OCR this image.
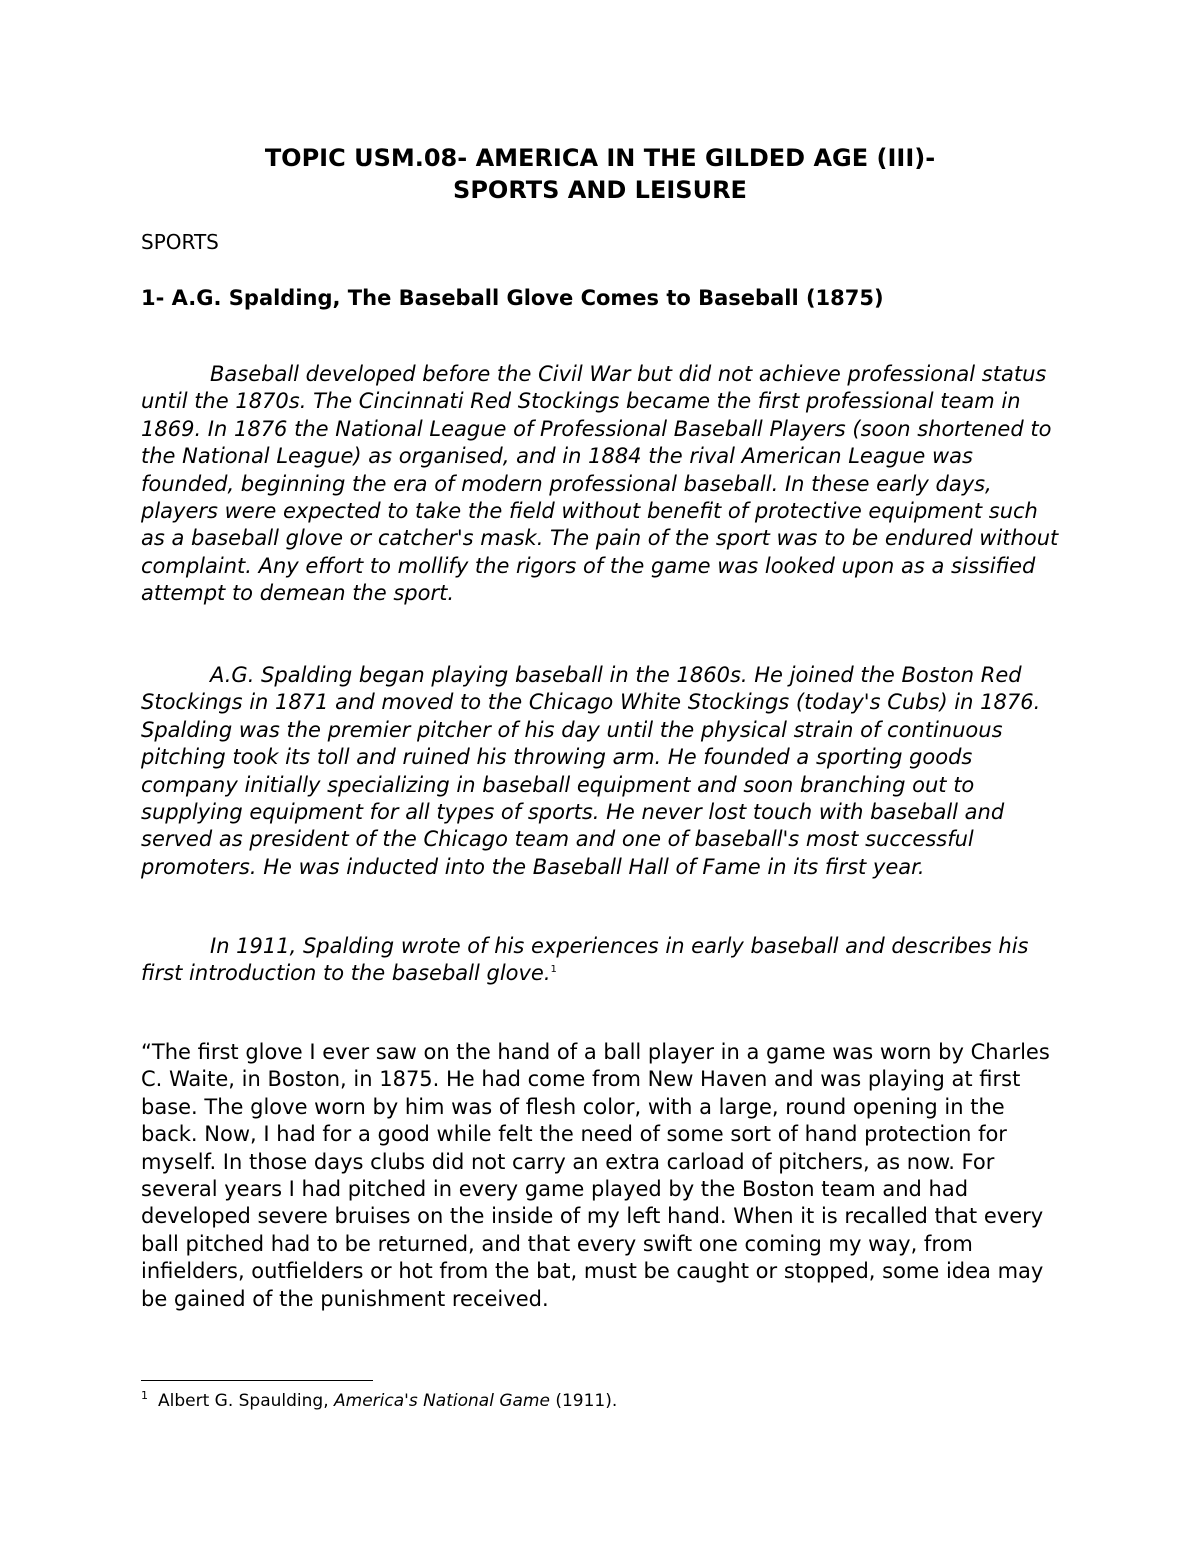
TOPIC USM.08- AMERICA IN THE GILDED AGE (III)-
SPORTS AND LEISURE

SPORTS

1- A.G. Spalding, The Baseball Glove Comes to Baseball (1875)

Baseball developed before the Civil War but did not achieve professional status until the 1870s. The Cincinnati Red Stockings became the first professional team in 1869. In 1876 the National League of Professional Baseball Players (soon shortened to the National League) as organised, and in 1884 the rival American League was founded, beginning the era of modern professional baseball. In these early days, players were expected to take the field without benefit of protective equipment such as a baseball glove or catcher's mask. The pain of the sport was to be endured without complaint. Any effort to mollify the rigors of the game was looked upon as a sissified attempt to demean the sport.

A.G. Spalding began playing baseball in the 1860s. He joined the Boston Red Stockings in 1871 and moved to the Chicago White Stockings (today's Cubs) in 1876. Spalding was the premier pitcher of his day until the physical strain of continuous pitching took its toll and ruined his throwing arm. He founded a sporting goods company initially specializing in baseball equipment and soon branching out to supplying equipment for all types of sports. He never lost touch with baseball and served as president of the Chicago team and one of baseball's most successful promoters. He was inducted into the Baseball Hall of Fame in its first year.

In 1911, Spalding wrote of his experiences in early baseball and describes his first introduction to the baseball glove.$^1$

“The first glove I ever saw on the hand of a ball player in a game was worn by Charles C. Waite, in Boston, in 1875. He had come from New Haven and was playing at first base. The glove worn by him was of flesh color, with a large, round opening in the back. Now, I had for a good while felt the need of some sort of hand protection for myself. In those days clubs did not carry an extra carload of pitchers, as now. For several years I had pitched in every game played by the Boston team and had developed severe bruises on the inside of my left hand. When it is recalled that every ball pitched had to be returned, and that every swift one coming my way, from infielders, outfielders or hot from the bat, must be caught or stopped, some idea may be gained of the punishment received.

$^1$ Albert G. Spaulding, America's National Game (1911).
